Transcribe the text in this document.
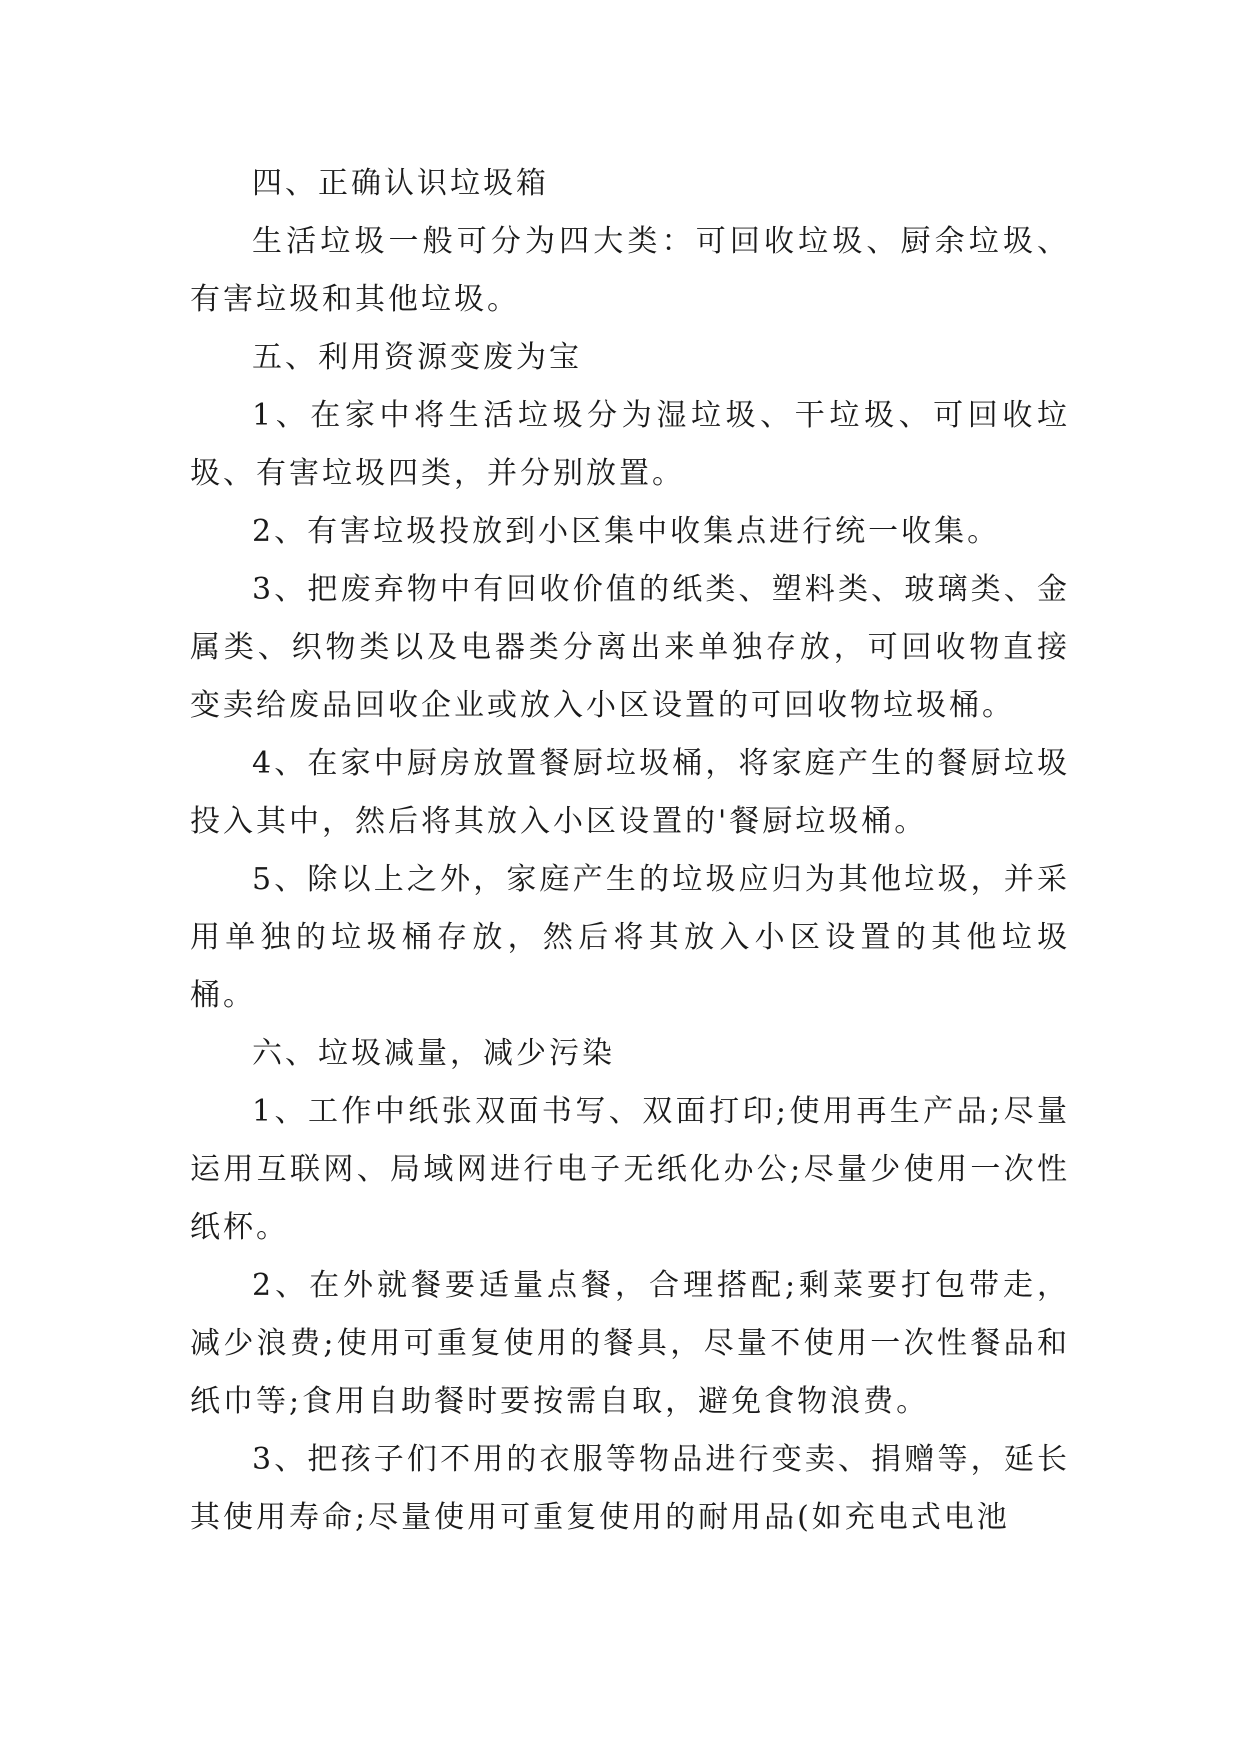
四、正确认识垃圾箱

生活垃圾一般可分为四大类：可回收垃圾、厨余垃圾、有害垃圾和其他垃圾。

五、利用资源变废为宝

1、在家中将生活垃圾分为湿垃圾、干垃圾、可回收垃圾、有害垃圾四类，并分别放置。

2、有害垃圾投放到小区集中收集点进行统一收集。

3、把废弃物中有回收价值的纸类、塑料类、玻璃类、金属类、织物类以及电器类分离出来单独存放，可回收物直接变卖给废品回收企业或放入小区设置的可回收物垃圾桶。

4、在家中厨房放置餐厨垃圾桶，将家庭产生的餐厨垃圾投入其中，然后将其放入小区设置的'餐厨垃圾桶。

5、除以上之外，家庭产生的垃圾应归为其他垃圾，并采用单独的垃圾桶存放，然后将其放入小区设置的其他垃圾桶。

六、垃圾减量，减少污染

1、工作中纸张双面书写、双面打印;使用再生产品;尽量运用互联网、局域网进行电子无纸化办公;尽量少使用一次性纸杯。

2、在外就餐要适量点餐，合理搭配;剩菜要打包带走，减少浪费;使用可重复使用的餐具，尽量不使用一次性餐品和纸巾等;食用自助餐时要按需自取，避免食物浪费。

3、把孩子们不用的衣服等物品进行变卖、捐赠等，延长其使用寿命;尽量使用可重复使用的耐用品(如充电式电池
